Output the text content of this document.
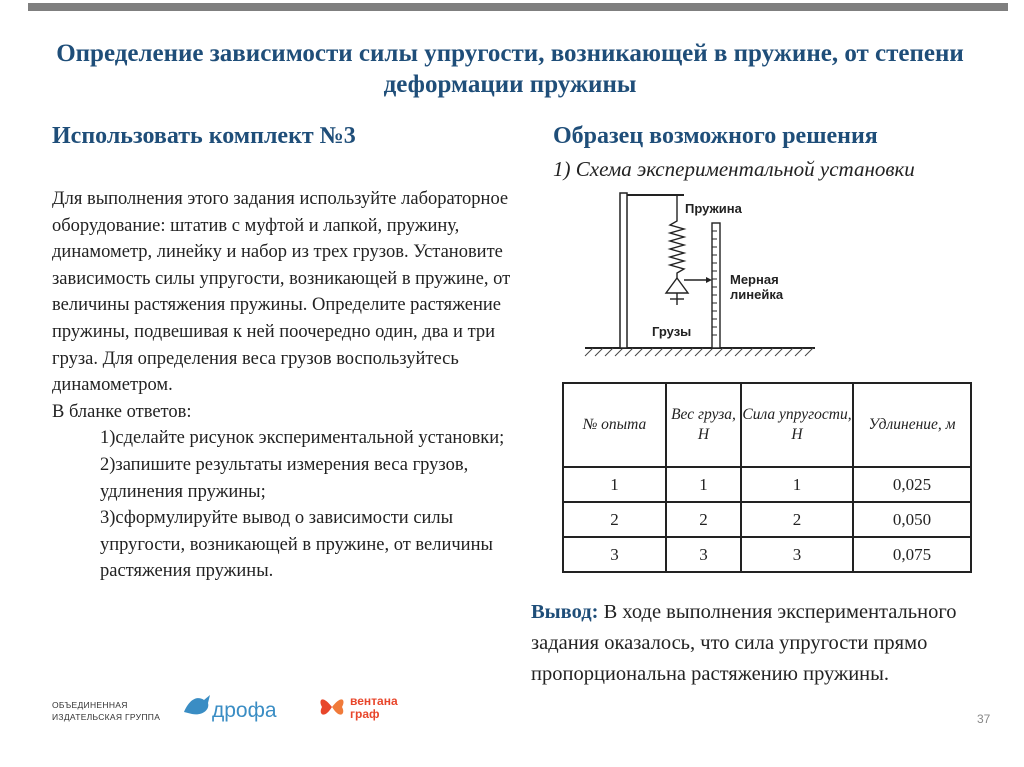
Определение зависимости силы упругости, возникающей в пружине, от степени деформации пружины
Использовать комплект №3

Для выполнения этого задания используйте лабораторное оборудование: штатив с муфтой и лапкой, пружину, динамометр, линейку и набор из трех грузов. Установите зависимость силы упругости, возникающей в пружине, от величины растяжения пружины. Определите растяжение пружины, подвешивая к ней поочередно один, два и три груза. Для определения веса грузов воспользуйтесь динамометром.

В бланке ответов:

1)сделайте рисунок экспериментальной установки;
2)запишите результаты измерения веса грузов, удлинения пружины;
3)сформулируйте вывод о зависимости силы упругости, возникающей в пружине, от величины растяжения пружины.
Образец возможного решения
1) Схема экспериментальной установки
Пружина
Мерная
линейка
Грузы
№ опыта	Вес груза, Н	Сила упругости, Н	Удлинение, м
1	1	1	0,025
2	2	2	0,050
3	3	3	0,075
Вывод: В ходе выполнения экспериментального задания оказалось, что сила упругости прямо пропорциональна растяжению пружины.
ОБЪЕДИНЕННАЯ
ИЗДАТЕЛЬСКАЯ ГРУППА дрофа	вентана
граф	37
